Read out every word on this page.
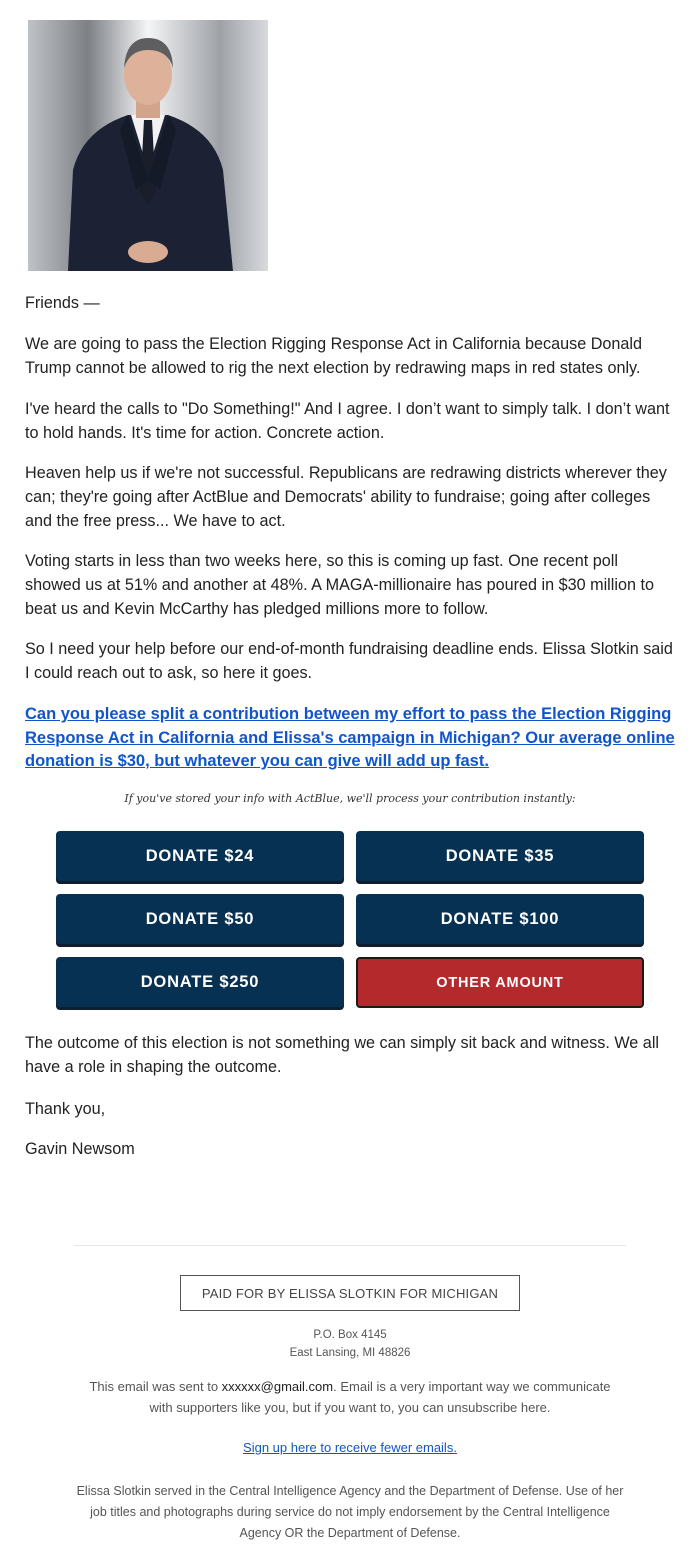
Friends —

We are going to pass the Election Rigging Response Act in California because Donald Trump cannot be allowed to rig the next election by redrawing maps in red states only.

I've heard the calls to "Do Something!" And I agree. I don’t want to simply talk. I don’t want to hold hands. It's time for action. Concrete action.

Heaven help us if we're not successful. Republicans are redrawing districts wherever they can; they're going after ActBlue and Democrats' ability to fundraise; going after colleges and the free press... We have to act.

Voting starts in less than two weeks here, so this is coming up fast. One recent poll showed us at 51% and another at 48%. A MAGA-millionaire has poured in $30 million to beat us and Kevin McCarthy has pledged millions more to follow.

So I need your help before our end-of-month fundraising deadline ends. Elissa Slotkin said I could reach out to ask, so here it goes.

Can you please split a contribution between my effort to pass the Election Rigging Response Act in California and Elissa's campaign in Michigan? Our average online donation is $30, but whatever you can give will add up fast.
If you've stored your info with ActBlue, we'll process your contribution instantly:
DONATE $24	DONATE $35
DONATE $50	DONATE $100
DONATE $250	OTHER AMOUNT

The outcome of this election is not something we can simply sit back and witness. We all have a role in shaping the outcome.

Thank you,

Gavin Newsom

PAID FOR BY ELISSA SLOTKIN FOR MICHIGAN
P.O. Box 4145
East Lansing, MI 48826
This email was sent to xxxxxx@gmail.com. Email is a very important way we communicate with supporters like you, but if you want to, you can unsubscribe here.
Sign up here to receive fewer emails.
Elissa Slotkin served in the Central Intelligence Agency and the Department of Defense. Use of her job titles and photographs during service do not imply endorsement by the Central Intelligence Agency OR the Department of Defense.
